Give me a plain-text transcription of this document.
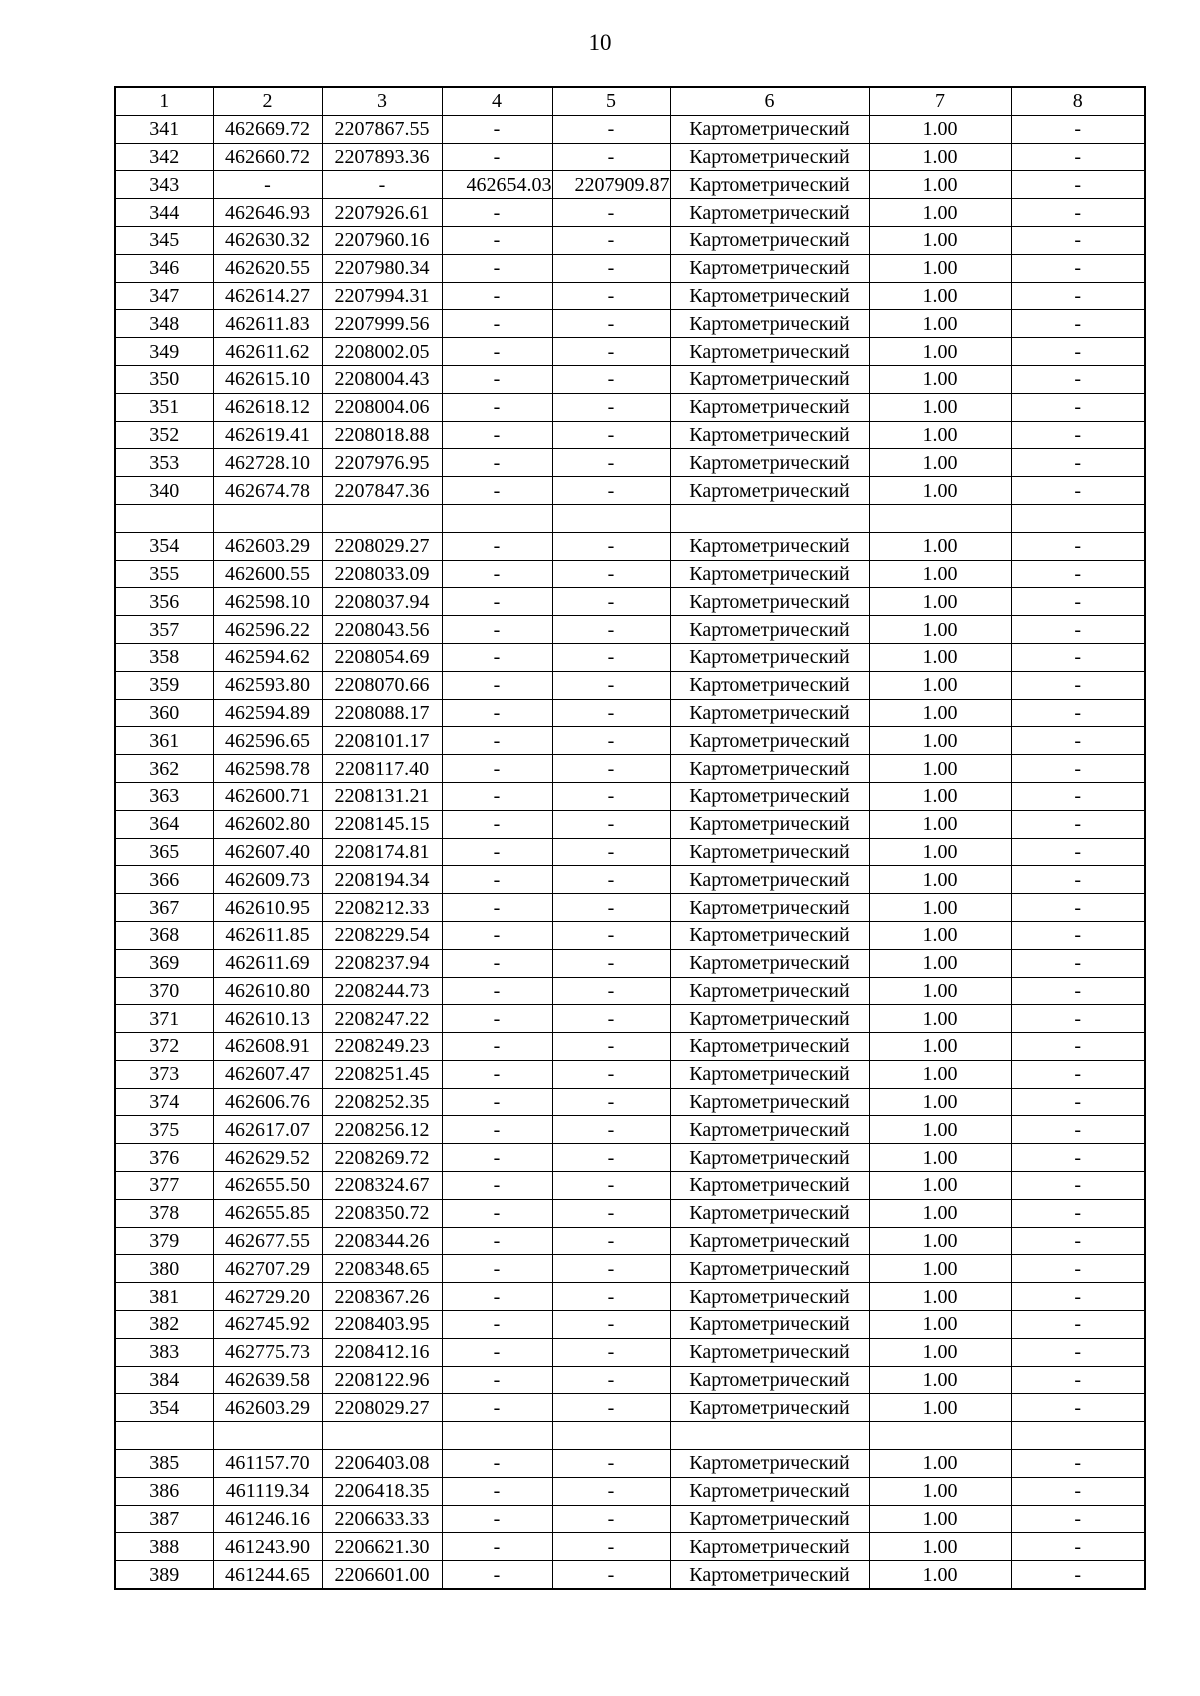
10
1	2	3	4	5	6	7	8
341	462669.72	2207867.55	-	-	Картометрический	1.00	-
342	462660.72	2207893.36	-	-	Картометрический	1.00	-
343	-	-	462654.03	2207909.87	Картометрический	1.00	-
344	462646.93	2207926.61	-	-	Картометрический	1.00	-
345	462630.32	2207960.16	-	-	Картометрический	1.00	-
346	462620.55	2207980.34	-	-	Картометрический	1.00	-
347	462614.27	2207994.31	-	-	Картометрический	1.00	-
348	462611.83	2207999.56	-	-	Картометрический	1.00	-
349	462611.62	2208002.05	-	-	Картометрический	1.00	-
350	462615.10	2208004.43	-	-	Картометрический	1.00	-
351	462618.12	2208004.06	-	-	Картометрический	1.00	-
352	462619.41	2208018.88	-	-	Картометрический	1.00	-
353	462728.10	2207976.95	-	-	Картометрический	1.00	-
340	462674.78	2207847.36	-	-	Картометрический	1.00	-

354	462603.29	2208029.27	-	-	Картометрический	1.00	-
355	462600.55	2208033.09	-	-	Картометрический	1.00	-
356	462598.10	2208037.94	-	-	Картометрический	1.00	-
357	462596.22	2208043.56	-	-	Картометрический	1.00	-
358	462594.62	2208054.69	-	-	Картометрический	1.00	-
359	462593.80	2208070.66	-	-	Картометрический	1.00	-
360	462594.89	2208088.17	-	-	Картометрический	1.00	-
361	462596.65	2208101.17	-	-	Картометрический	1.00	-
362	462598.78	2208117.40	-	-	Картометрический	1.00	-
363	462600.71	2208131.21	-	-	Картометрический	1.00	-
364	462602.80	2208145.15	-	-	Картометрический	1.00	-
365	462607.40	2208174.81	-	-	Картометрический	1.00	-
366	462609.73	2208194.34	-	-	Картометрический	1.00	-
367	462610.95	2208212.33	-	-	Картометрический	1.00	-
368	462611.85	2208229.54	-	-	Картометрический	1.00	-
369	462611.69	2208237.94	-	-	Картометрический	1.00	-
370	462610.80	2208244.73	-	-	Картометрический	1.00	-
371	462610.13	2208247.22	-	-	Картометрический	1.00	-
372	462608.91	2208249.23	-	-	Картометрический	1.00	-
373	462607.47	2208251.45	-	-	Картометрический	1.00	-
374	462606.76	2208252.35	-	-	Картометрический	1.00	-
375	462617.07	2208256.12	-	-	Картометрический	1.00	-
376	462629.52	2208269.72	-	-	Картометрический	1.00	-
377	462655.50	2208324.67	-	-	Картометрический	1.00	-
378	462655.85	2208350.72	-	-	Картометрический	1.00	-
379	462677.55	2208344.26	-	-	Картометрический	1.00	-
380	462707.29	2208348.65	-	-	Картометрический	1.00	-
381	462729.20	2208367.26	-	-	Картометрический	1.00	-
382	462745.92	2208403.95	-	-	Картометрический	1.00	-
383	462775.73	2208412.16	-	-	Картометрический	1.00	-
384	462639.58	2208122.96	-	-	Картометрический	1.00	-
354	462603.29	2208029.27	-	-	Картометрический	1.00	-

385	461157.70	2206403.08	-	-	Картометрический	1.00	-
386	461119.34	2206418.35	-	-	Картометрический	1.00	-
387	461246.16	2206633.33	-	-	Картометрический	1.00	-
388	461243.90	2206621.30	-	-	Картометрический	1.00	-
389	461244.65	2206601.00	-	-	Картометрический	1.00	-
